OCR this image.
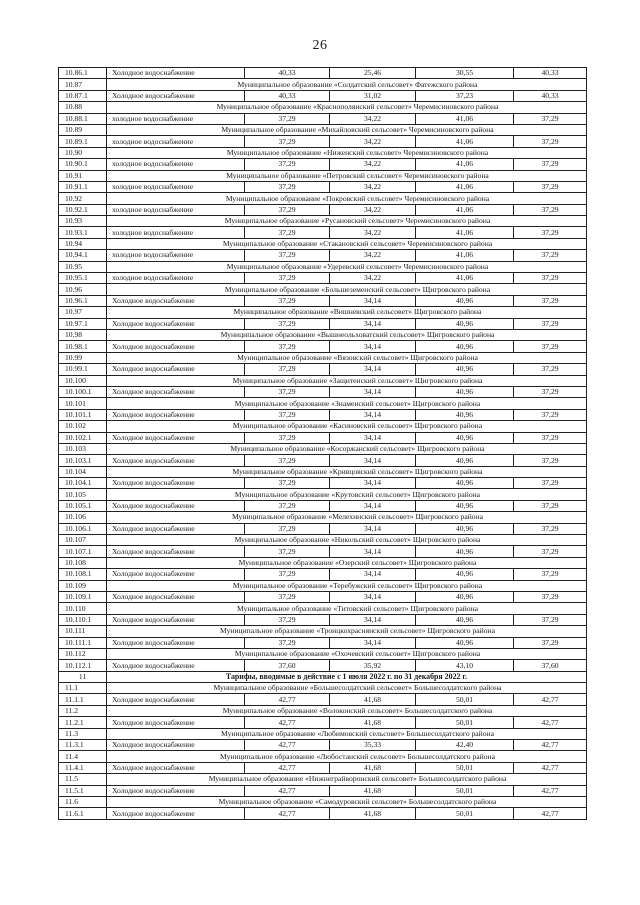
26
10.86.1	Холодное водоснабжение	40,33	25,46	30,55	40,33
10.87	Муниципальное образование «Солдатский сельсовет» Фатежского района				
10.87.1	Холодное водоснабжение	40,33	31,02	37,23	40,33
10.88	Муниципальное образование «Краснополянский сельсовет» Черемисиновского района				
10.88.1	холодное водоснабжение	37,29	34,22	41,06	37,29
10.89	Муниципальное образование «Михайловский сельсовет» Черемисиновского района				
10.89.1	холодное водоснабжение	37,29	34,22	41,06	37,29
10.90	Муниципальное образование «Ниженский сельсовет» Черемисиновского района				
10.90.1	холодное водоснабжение	37,29	34,22	41,06	37,29
10.91	Муниципальное образование «Петровский сельсовет» Черемисиновского района				
10.91.1	холодное водоснабжение	37,29	34,22	41,06	37,29
10.92	Муниципальное образование «Покровский сельсовет» Черемисиновского района				
10.92.1	холодное водоснабжение	37,29	34,22	41,06	37,29
10.93	Муниципальное образование «Русановский сельсовет» Черемисиновского района				
10.93.1	холодное водоснабжение	37,29	34,22	41,06	37,29
10.94	Муниципальное образование «Стакановский сельсовет» Черемисиновского района				
10.94.1	холодное водоснабжение	37,29	34,22	41,06	37,29
10.95	Муниципальное образование «Удеревский сельсовет» Черемисиновского района				
10.95.1	холодное водоснабжение	37,29	34,22	41,06	37,29
10.96	Муниципальное образование «Большеземенский сельсовет» Щигровского района				
10.96.1	Холодное водоснабжение	37,29	34,14	40,96	37,29
10.97	Муниципальное образование «Вишневский сельсовет» Щигровского района				
10.97.1	Холодное водоснабжение	37,29	34,14	40,96	37,29
10.98	Муниципальное образование «Вышнеольховатский сельсовет» Щигровского района				
10.98.1	Холодное водоснабжение	37,29	34,14	40,96	37,29
10.99	Муниципальное образование «Вязовский сельсовет» Щигровского района				
10.99.1	Холодное водоснабжение	37,29	34,14	40,96	37,29
10.100	Муниципальное образование «Защитенский сельсовет» Щигровского района				
10.100.1	Холодное водоснабжение	37,29	34,14	40,96	37,29
10.101	Муниципальное образование «Знаменский сельсовет» Щигровского района				
10.101.1	Холодное водоснабжение	37,29	34,14	40,96	37,29
10.102	Муниципальное образование «Касиновский сельсовет» Щигровского района				
10.102.1	Холодное водоснабжение	37,29	34,14	40,96	37,29
10.103	Муниципальное образование «Косоржанский сельсовет» Щигровского района				
10.103.1	Холодное водоснабжение	37,29	34,14	40,96	37,29
10.104	Муниципальное образование «Кривцовский сельсовет» Щигровского района				
10.104.1	Холодное водоснабжение	37,29	34,14	40,96	37,29
10.105	Муниципальное образование «Крутовский сельсовет» Щигровского района				
10.105.1	Холодное водоснабжение	37,29	34,14	40,96	37,29
10.106	Муниципальное образование «Мелехинский сельсовет» Щигровского района				
10.106.1	Холодное водоснабжение	37,29	34,14	40,96	37,29
10.107	Муниципальное образование «Никольский сельсовет» Щигровского района				
10.107.1	Холодное водоснабжение	37,29	34,14	40,96	37,29
10.108	Муниципальное образование «Озерский сельсовет» Щигровского района				
10.108.1	Холодное водоснабжение	37,29	34,14	40,96	37,29
10.109	Муниципальное образование «Теребужский сельсовет» Щигровского района				
10.109.1	Холодное водоснабжение	37,29	34,14	40,96	37,29
10.110	Муниципальное образование «Титовский сельсовет» Щигровского района				
10.110.1	Холодное водоснабжение	37,29	34,14	40,96	37,29
10.111	Муниципальное образование «Троицкохраснянский сельсовет» Щигровского района				
10.111.1	Холодное водоснабжение	37,29	34,14	40,96	37,29
10.112	Муниципальное образование «Охочевский сельсовет» Щигровского района				
10.112.1	Холодное водоснабжение	37,60	35,92	43,10	37,60
11	Тарифы, вводимые в действие с 1 июля 2022 г. по 31 декабря 2022 г.				
11.1	Муниципальное образование «Большесолдатский сельсовет» Большесолдатского района				
11.1.1	Холодное водоснабжение	42,77	41,68	50,01	42,77
11.2	Муниципальное образование «Волоконский сельсовет» Большесолдатского района				
11.2.1	Холодное водоснабжение	42,77	41,68	50,01	42,77
11.3	Муниципальное образование «Любимовский сельсовет» Большесолдатского района				
11.3.1	Холодное водоснабжение	42,77	35,33	42,40	42,77
11.4	Муниципальное образование «Любостанский сельсовет» Большесолдатского района				
11.4.1	Холодное водоснабжение	42,77	41,68	50,01	42,77
11.5	Муниципальное образование «Нижнеграйворонский сельсовет» Большесолдатского района				
11.5.1	Холодное водоснабжение	42,77	41,68	50,01	42,77
11.6	Муниципальное образование «Самодуровский сельсовет» Большесолдатского района				
11.6.1	Холодное водоснабжение	42,77	41,68	50,01	42,77
